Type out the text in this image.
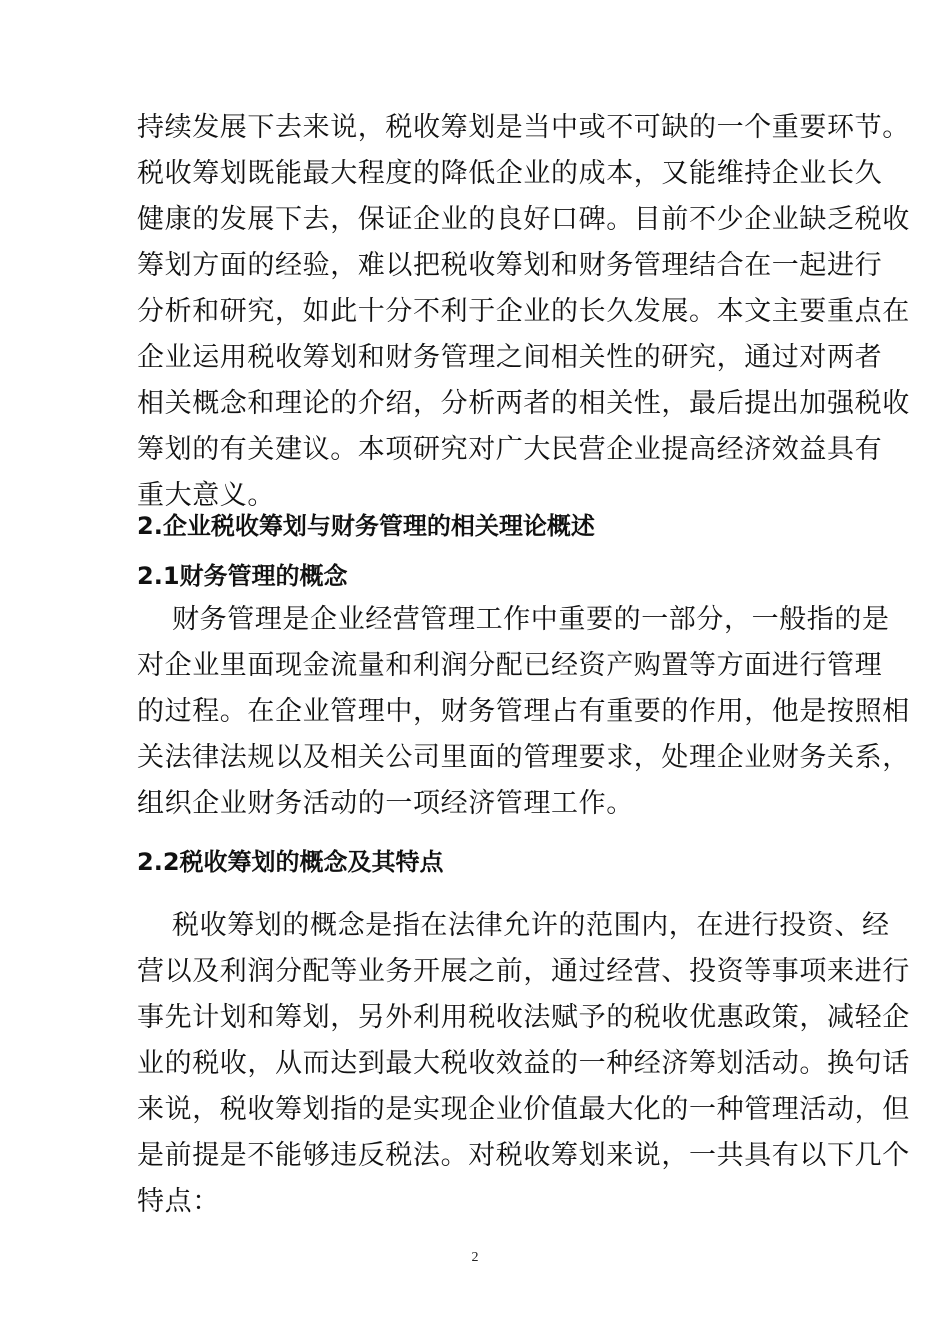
持续发展下去来说，税收筹划是当中或不可缺的一个重要环节。
税收筹划既能最大程度的降低企业的成本，又能维持企业长久
健康的发展下去，保证企业的良好口碑。目前不少企业缺乏税收
筹划方面的经验，难以把税收筹划和财务管理结合在一起进行
分析和研究，如此十分不利于企业的长久发展。本文主要重点在
企业运用税收筹划和财务管理之间相关性的研究，通过对两者
相关概念和理论的介绍，分析两者的相关性，最后提出加强税收
筹划的有关建议。本项研究对广大民营企业提高经济效益具有
重大意义。
2.企业税收筹划与财务管理的相关理论概述
2.1财务管理的概念
财务管理是企业经营管理工作中重要的一部分，一般指的是
对企业里面现金流量和利润分配已经资产购置等方面进行管理
的过程。在企业管理中，财务管理占有重要的作用，他是按照相
关法律法规以及相关公司里面的管理要求，处理企业财务关系，
组织企业财务活动的一项经济管理工作。
2.2税收筹划的概念及其特点
税收筹划的概念是指在法律允许的范围内，在进行投资、经
营以及利润分配等业务开展之前，通过经营、投资等事项来进行
事先计划和筹划，另外利用税收法赋予的税收优惠政策，减轻企
业的税收，从而达到最大税收效益的一种经济筹划活动。换句话
来说，税收筹划指的是实现企业价值最大化的一种管理活动，但
是前提是不能够违反税法。对税收筹划来说，一共具有以下几个
特点：
2
